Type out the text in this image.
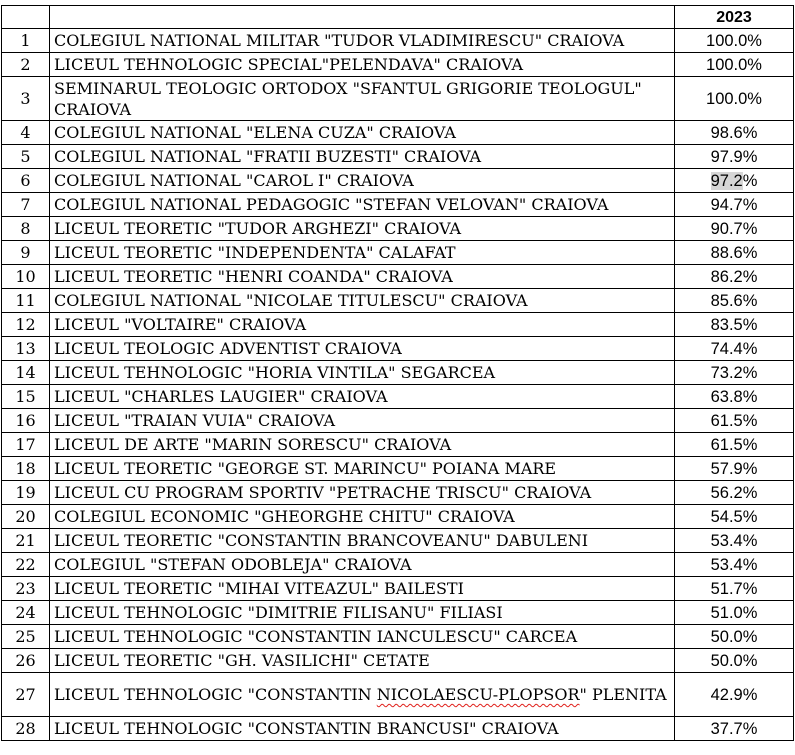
		2023
1	COLEGIUL NATIONAL MILITAR "TUDOR VLADIMIRESCU" CRAIOVA	100.0%
2	LICEUL TEHNOLOGIC SPECIAL"PELENDAVA" CRAIOVA	100.0%
3	SEMINARUL TEOLOGIC ORTODOX "SFANTUL GRIGORIE TEOLOGUL" CRAIOVA	100.0%
4	COLEGIUL NATIONAL "ELENA CUZA" CRAIOVA	98.6%
5	COLEGIUL NATIONAL "FRATII BUZESTI" CRAIOVA	97.9%
6	COLEGIUL NATIONAL "CAROL I" CRAIOVA	97.2%
7	COLEGIUL NATIONAL PEDAGOGIC "STEFAN VELOVAN" CRAIOVA	94.7%
8	LICEUL TEORETIC "TUDOR ARGHEZI" CRAIOVA	90.7%
9	LICEUL TEORETIC "INDEPENDENTA" CALAFAT	88.6%
10	LICEUL TEORETIC "HENRI COANDA" CRAIOVA	86.2%
11	COLEGIUL NATIONAL "NICOLAE TITULESCU" CRAIOVA	85.6%
12	LICEUL "VOLTAIRE" CRAIOVA	83.5%
13	LICEUL TEOLOGIC ADVENTIST CRAIOVA	74.4%
14	LICEUL TEHNOLOGIC "HORIA VINTILA" SEGARCEA	73.2%
15	LICEUL "CHARLES LAUGIER" CRAIOVA	63.8%
16	LICEUL "TRAIAN VUIA" CRAIOVA	61.5%
17	LICEUL DE ARTE "MARIN SORESCU" CRAIOVA	61.5%
18	LICEUL TEORETIC "GEORGE ST. MARINCU" POIANA MARE	57.9%
19	LICEUL CU PROGRAM SPORTIV "PETRACHE TRISCU" CRAIOVA	56.2%
20	COLEGIUL ECONOMIC "GHEORGHE CHITU" CRAIOVA	54.5%
21	LICEUL TEORETIC "CONSTANTIN BRANCOVEANU" DABULENI	53.4%
22	COLEGIUL "STEFAN ODOBLEJA" CRAIOVA	53.4%
23	LICEUL TEORETIC "MIHAI VITEAZUL" BAILESTI	51.7%
24	LICEUL TEHNOLOGIC "DIMITRIE FILISANU" FILIASI	51.0%
25	LICEUL TEHNOLOGIC "CONSTANTIN IANCULESCU" CARCEA	50.0%
26	LICEUL TEORETIC "GH. VASILICHI" CETATE	50.0%
27	LICEUL TEHNOLOGIC "CONSTANTIN NICOLAESCU-PLOPSOR" PLENITA	42.9%
28	LICEUL TEHNOLOGIC "CONSTANTIN BRANCUSI" CRAIOVA	37.7%
